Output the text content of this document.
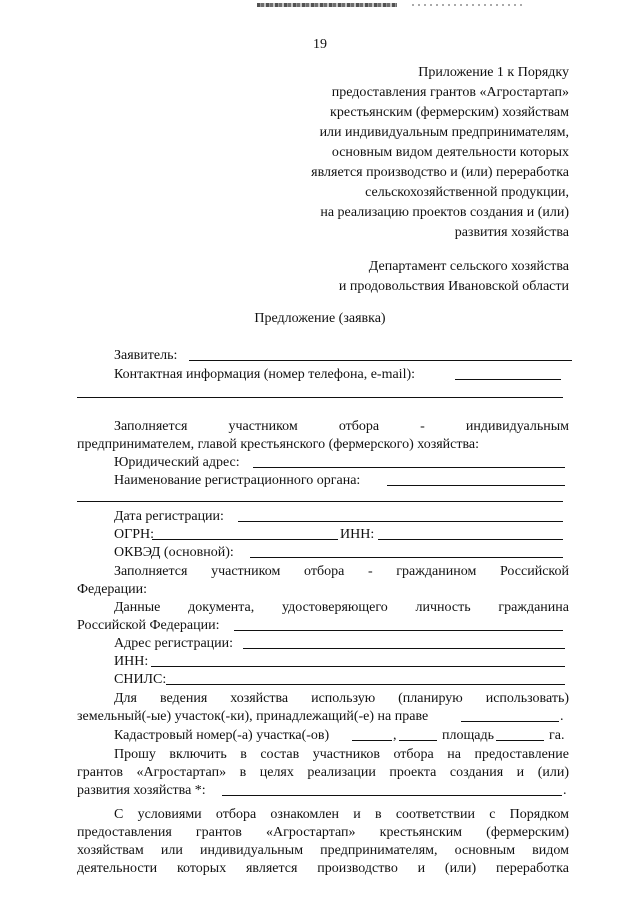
19

Приложение 1 к Порядку

предоставления грантов «Агростартап»

крестьянским (фермерским) хозяйствам

или индивидуальным предпринимателям,

основным видом деятельности которых

является производство и (или) переработка

сельскохозяйственной продукции,

на реализацию проектов создания и (или)

развития хозяйства

Департамент сельского хозяйства

и продовольствия Ивановской области

Предложение (заявка)

Заявитель:

Контактная информация (номер телефона, e-mail):

Заполняется участником отбора - индивидуальным

предпринимателем, главой крестьянского (фермерского) хозяйства:

Юридический адрес:

Наименование регистрационного органа:

Дата регистрации:

ОГРН:	ИНН:

ОКВЭД (основной):

Заполняется участником отбора - гражданином Российской

Федерации:

Данные документа, удостоверяющего личность гражданина

Российской Федерации:

Адрес регистрации:

ИНН:

СНИЛС:

Для ведения хозяйства использую (планирую использовать)

земельный(-ые) участок(-ки), принадлежащий(-е) на праве	.

Кадастровый номер(-а) участка(-ов)	,	площадь	га.

Прошу включить в состав участников отбора на предоставление

грантов «Агростартап» в целях реализации проекта создания и (или)

развития хозяйства *:	.

С условиями отбора ознакомлен и в соответствии с Порядком

предоставления грантов «Агростартап» крестьянским (фермерским)

хозяйствам или индивидуальным предпринимателям, основным видом

деятельности которых является производство и (или) переработка
